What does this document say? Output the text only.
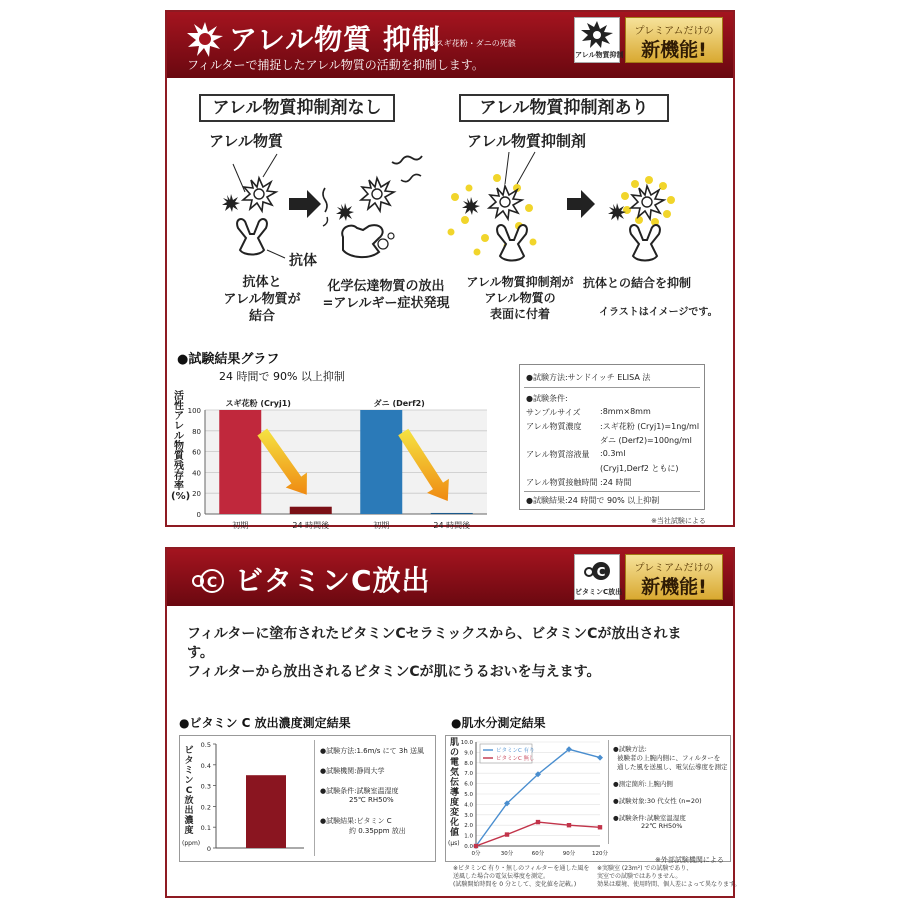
アレル物質 抑制
※スギ花粉・ダニの死骸
フィルターで捕捉したアレル物質の活動を抑制します。
アレル物質抑制
プレミアムだけの
新機能!
アレル物質抑制剤なし	アレル物質抑制剤あり
アレル物質	アレル物質抑制剤
抗体
抗体と
アレル物質が
結合
化学伝達物質の放出
=アレルギー症状発現
アレル物質抑制剤が
アレル物質の
表面に付着
抗体との結合を抑制
イラストはイメージです。
●試験結果グラフ
24 時間で 90% 以上抑制
活
性
ア
レ
ル
物
質
残
存
率
(%)
0
20
40
60
80
100
初期	24 時間後	初期	24 時間後
スギ花粉 (Cryj1)	ダニ (Derf2)
●試験方法:サンドイッチ ELISA 法
●試験条件:
サンプルサイズ :8mm×8mm
アレル物質濃度 :スギ花粉 (Cryj1)=1ng/ml
ダニ (Derf2)=100ng/ml
アレル物質溶液量 :0.3ml
(Cryj1,Derf2 ともに)
アレル物質接触時間 :24 時間
●試験結果:24 時間で 90% 以上抑制
※当社試験による
C ビタミンC放出	C
ビタミンC放出
プレミアムだけの
新機能!
フィルターに塗布されたビタミンCセラミックスから、ビタミンCが放出されま
す。
フィルターから放出されるビタミンCが肌にうるおいを与えます。
●ビタミン C 放出濃度測定結果	●肌水分測定結果
ビ
タ
ミ
ン
C
放
出
濃
度
(ppm)
0
0.1
0.2
0.3
0.4
0.5
●試験方法:1.6m/s にて 3h 送風
●試験機関:静岡大学
●試験条件:試験室温湿度
25℃ RH50%
●試験結果:ビタミン C
約 0.35ppm 放出
肌
の
電
気
伝
導
度
変
化
値
(μs) 0.0
1.0
2.0
3.0
4.0
5.0
6.0
7.0
8.0
9.0
10.0
0分	30分	60分	90分	120分
ビタミンC 有り
ビタミンC 無し
●試験方法:
被験者の上腕内側に、フィルターを
通した風を送風し、電気伝導度を測定
●測定箇所:上腕内側
●試験対象:30 代女性 (n=20)
●試験条件:試験室温湿度
22℃ RH50%
※外部試験機関による
※ビタミンC 有り・無しのフィルターを通した風を
送風した場合の電気伝導度を測定。
(試験開始時間を 0 分として、変化値を記載。)
※実験室 (23m²) での試験であり、
実室での試験ではありません。
効果は環境、使用時間、個人差によって異なります。
